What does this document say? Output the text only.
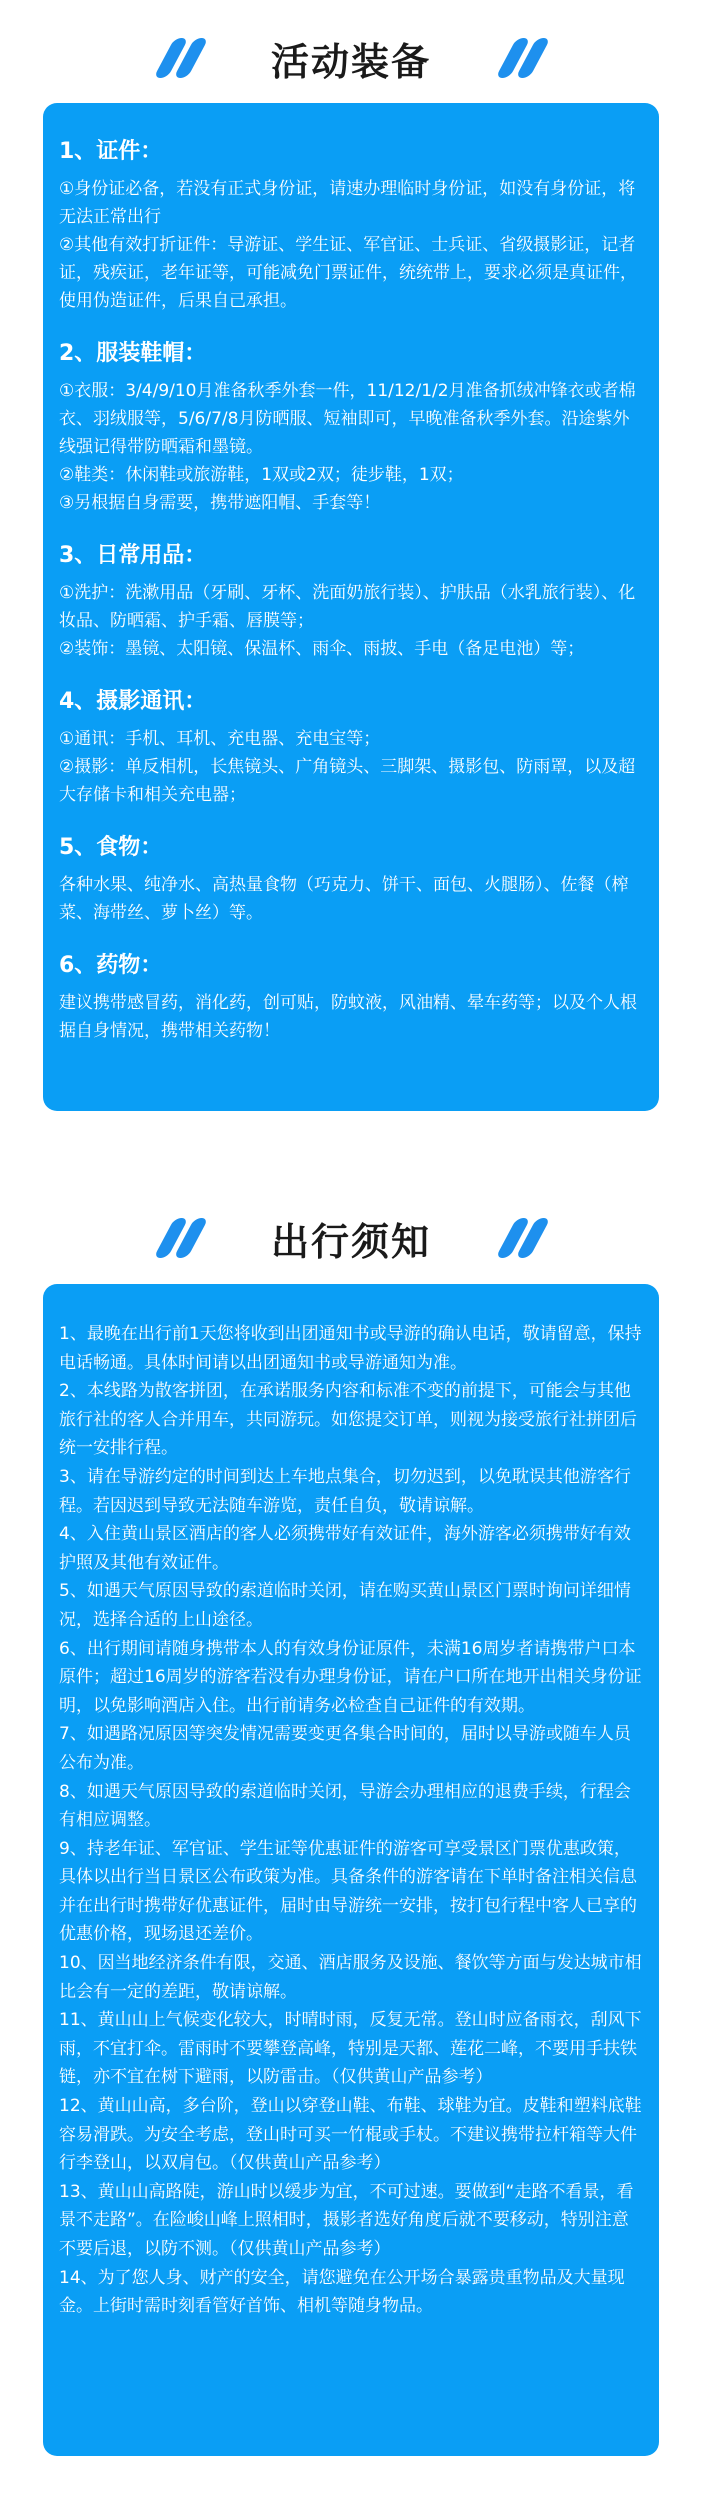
活动装备

1、证件：

①身份证必备，若没有正式身份证，请速办理临时身份证，如没有身份证，将无法正常出行

②其他有效打折证件：导游证、学生证、军官证、士兵证、省级摄影证，记者证，残疾证，老年证等，可能减免门票证件，统统带上，要求必须是真证件，使用伪造证件，后果自己承担。

2、服装鞋帽：

①衣服：3/4/9/10月准备秋季外套一件，11/12/1/2月准备抓绒冲锋衣或者棉衣、羽绒服等，5/6/7/8月防晒服、短袖即可，早晚准备秋季外套。沿途紫外线强记得带防晒霜和墨镜。

②鞋类：休闲鞋或旅游鞋，1双或2双；徒步鞋，1双；

③另根据自身需要，携带遮阳帽、手套等！

3、日常用品：

①洗护：洗漱用品（牙刷、牙杯、洗面奶旅行装）、护肤品（水乳旅行装）、化妆品、防晒霜、护手霜、唇膜等；

②装饰：墨镜、太阳镜、保温杯、雨伞、雨披、手电（备足电池）等；

4、摄影通讯：

①通讯：手机、耳机、充电器、充电宝等；

②摄影：单反相机，长焦镜头、广角镜头、三脚架、摄影包、防雨罩，以及超大存储卡和相关充电器；

5、食物：

各种水果、纯净水、高热量食物（巧克力、饼干、面包、火腿肠）、佐餐（榨菜、海带丝、萝卜丝）等。

6、药物：

建议携带感冒药，消化药，创可贴，防蚊液，风油精、晕车药等；以及个人根据自身情况，携带相关药物！

出行须知

1、最晚在出行前1天您将收到出团通知书或导游的确认电话，敬请留意，保持电话畅通。具体时间请以出团通知书或导游通知为准。

2、本线路为散客拼团，在承诺服务内容和标准不变的前提下，可能会与其他旅行社的客人合并用车，共同游玩。如您提交订单，则视为接受旅行社拼团后统一安排行程。

3、请在导游约定的时间到达上车地点集合，切勿迟到，以免耽误其他游客行程。若因迟到导致无法随车游览，责任自负，敬请谅解。

4、入住黄山景区酒店的客人必须携带好有效证件，海外游客必须携带好有效护照及其他有效证件。

5、如遇天气原因导致的索道临时关闭，请在购买黄山景区门票时询问详细情况，选择合适的上山途径。

6、出行期间请随身携带本人的有效身份证原件，未满16周岁者请携带户口本原件；超过16周岁的游客若没有办理身份证，请在户口所在地开出相关身份证明，以免影响酒店入住。出行前请务必检查自己证件的有效期。

7、如遇路况原因等突发情况需要变更各集合时间的，届时以导游或随车人员公布为准。

8、如遇天气原因导致的索道临时关闭，导游会办理相应的退费手续，行程会有相应调整。

9、持老年证、军官证、学生证等优惠证件的游客可享受景区门票优惠政策，具体以出行当日景区公布政策为准。具备条件的游客请在下单时备注相关信息并在出行时携带好优惠证件，届时由导游统一安排，按打包行程中客人已享的优惠价格，现场退还差价。

10、因当地经济条件有限，交通、酒店服务及设施、餐饮等方面与发达城市相比会有一定的差距，敬请谅解。

11、黄山山上气候变化较大，时晴时雨，反复无常。登山时应备雨衣，刮风下雨，不宜打伞。雷雨时不要攀登高峰，特别是天都、莲花二峰，不要用手扶铁链，亦不宜在树下避雨，以防雷击。（仅供黄山产品参考）

12、黄山山高，多台阶，登山以穿登山鞋、布鞋、球鞋为宜。皮鞋和塑料底鞋容易滑跌。为安全考虑，登山时可买一竹棍或手杖。不建议携带拉杆箱等大件行李登山，以双肩包。（仅供黄山产品参考）

13、黄山山高路陡，游山时以缓步为宜，不可过速。要做到“走路不看景，看景不走路”。在险峻山峰上照相时，摄影者选好角度后就不要移动，特别注意不要后退，以防不测。（仅供黄山产品参考）

14、为了您人身、财产的安全，请您避免在公开场合暴露贵重物品及大量现金。上街时需时刻看管好首饰、相机等随身物品。
